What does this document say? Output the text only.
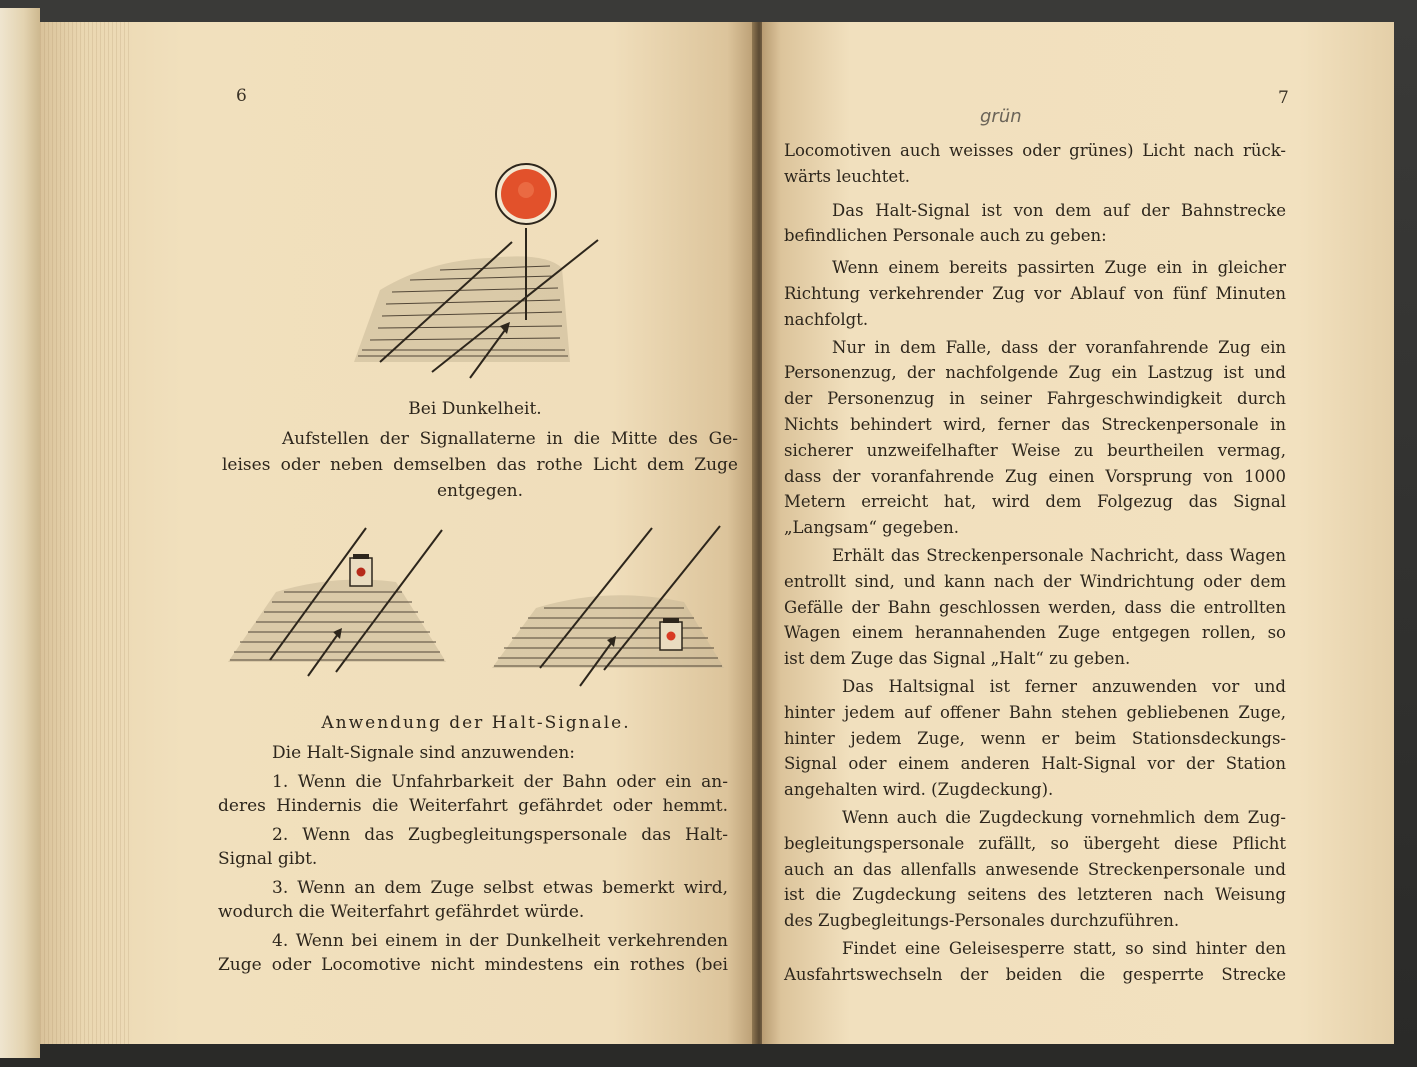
6
Bei Dunkelheit.
Aufstellen der Signallaterne in die Mitte des Ge-
leises oder neben demselben das rothe Licht dem Zuge
entgegen.
Anwendung der Halt-Signale.
Die Halt-Signale sind anzuwenden:
1. Wenn die Unfahrbarkeit der Bahn oder ein an-
deres Hindernis die Weiterfahrt gefährdet oder hemmt.
2. Wenn das Zugbegleitungspersonale das Halt-
Signal gibt.
3. Wenn an dem Zuge selbst etwas bemerkt wird,
wodurch die Weiterfahrt gefährdet würde.
4. Wenn bei einem in der Dunkelheit verkehrenden
Zuge oder Locomotive nicht mindestens ein rothes (bei
7
grün
Locomotiven auch weisses oder grünes) Licht nach rück-
wärts leuchtet.
Das Halt-Signal ist von dem auf der Bahnstrecke
befindlichen Personale auch zu geben:
Wenn einem bereits passirten Zuge ein in gleicher
Richtung verkehrender Zug vor Ablauf von fünf Minuten
nachfolgt.
Nur in dem Falle, dass der voranfahrende Zug ein
Personenzug, der nachfolgende Zug ein Lastzug ist und
der Personenzug in seiner Fahrgeschwindigkeit durch
Nichts behindert wird, ferner das Streckenpersonale in
sicherer unzweifelhafter Weise zu beurtheilen vermag,
dass der voranfahrende Zug einen Vorsprung von 1000
Metern erreicht hat, wird dem Folgezug das Signal
„Langsam“ gegeben.
Erhält das Streckenpersonale Nachricht, dass Wagen
entrollt sind, und kann nach der Windrichtung oder dem
Gefälle der Bahn geschlossen werden, dass die entrollten
Wagen einem herannahenden Zuge entgegen rollen, so
ist dem Zuge das Signal „Halt“ zu geben.
Das Haltsignal ist ferner anzuwenden vor und
hinter jedem auf offener Bahn stehen gebliebenen Zuge,
hinter jedem Zuge, wenn er beim Stationsdeckungs-
Signal oder einem anderen Halt-Signal vor der Station
angehalten wird. (Zugdeckung).
Wenn auch die Zugdeckung vornehmlich dem Zug-
begleitungspersonale zufällt, so übergeht diese Pflicht
auch an das allenfalls anwesende Streckenpersonale und
ist die Zugdeckung seitens des letzteren nach Weisung
des Zugbegleitungs-Personales durchzuführen.
Findet eine Geleisesperre statt, so sind hinter den
Ausfahrtswechseln der beiden die gesperrte Strecke
